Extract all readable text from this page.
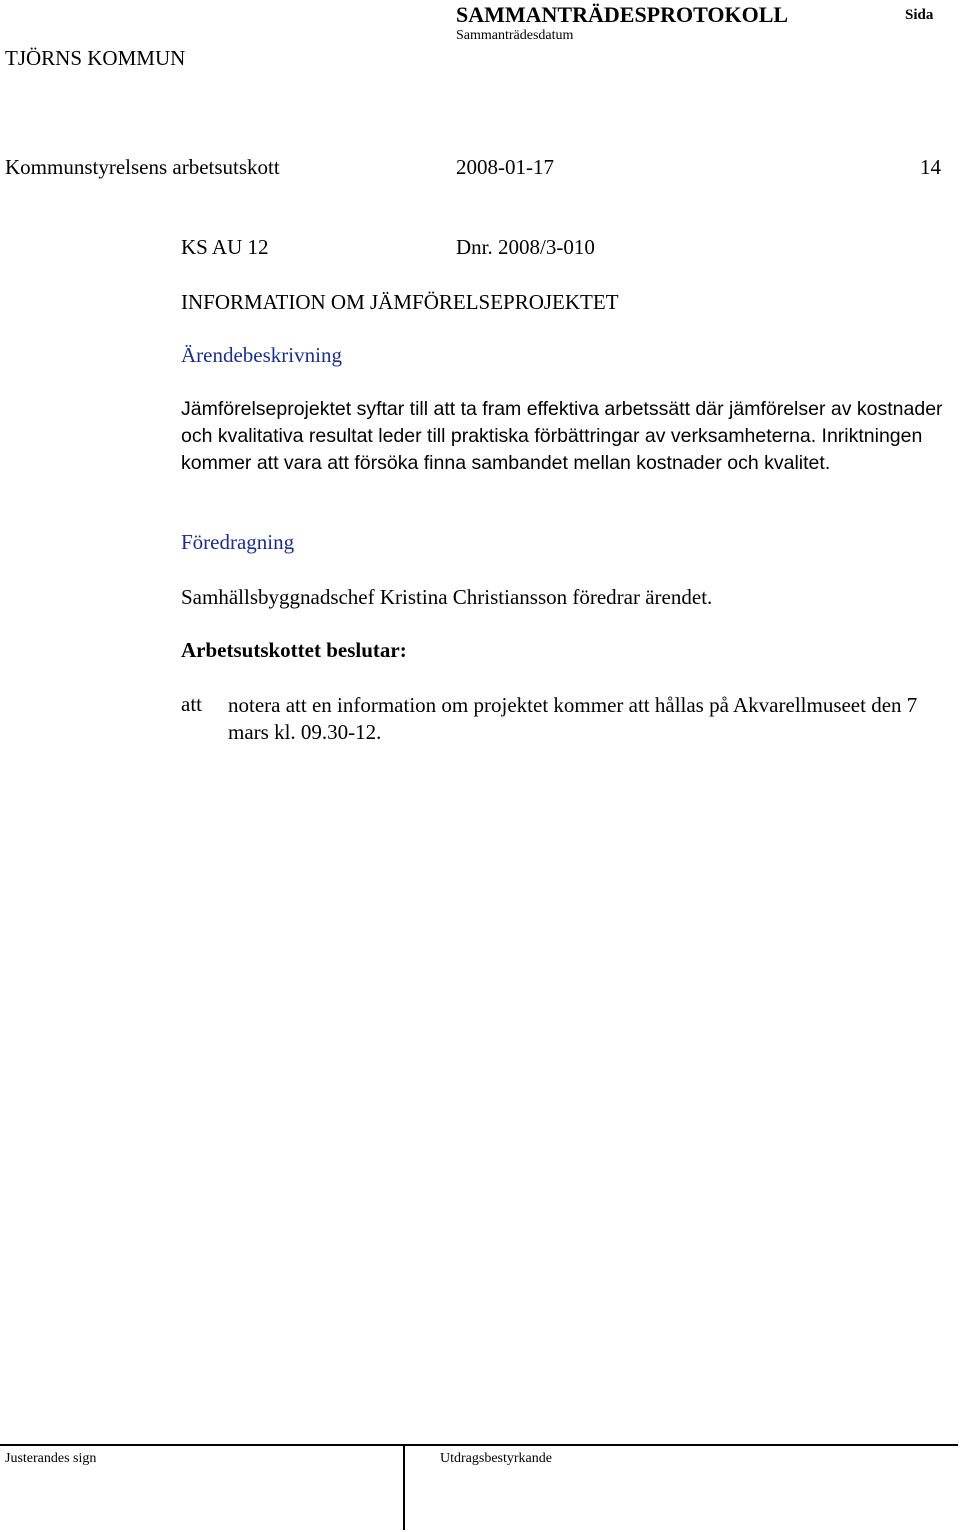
SAMMANTRÄDESPROTOKOLL	Sida
Sammanträdesdatum
TJÖRNS KOMMUN
Kommunstyrelsens arbetsutskott	2008-01-17	14
KS AU 12	Dnr. 2008/3-010
INFORMATION OM JÄMFÖRELSEPROJEKTET
Ärendebeskrivning
Jämförelseprojektet syftar till att ta fram effektiva arbetssätt där jämförelser av kostnader och kvalitativa resultat leder till praktiska förbättringar av verksamheterna. Inriktningen kommer att vara att försöka finna sambandet mellan kostnader och kvalitet.
Föredragning
Samhällsbyggnadschef Kristina Christiansson föredrar ärendet.
Arbetsutskottet beslutar:
att notera att en information om projektet kommer att hållas på Akvarellmuseet den 7 mars kl. 09.30-12.
Justerandes sign	Utdragsbestyrkande
